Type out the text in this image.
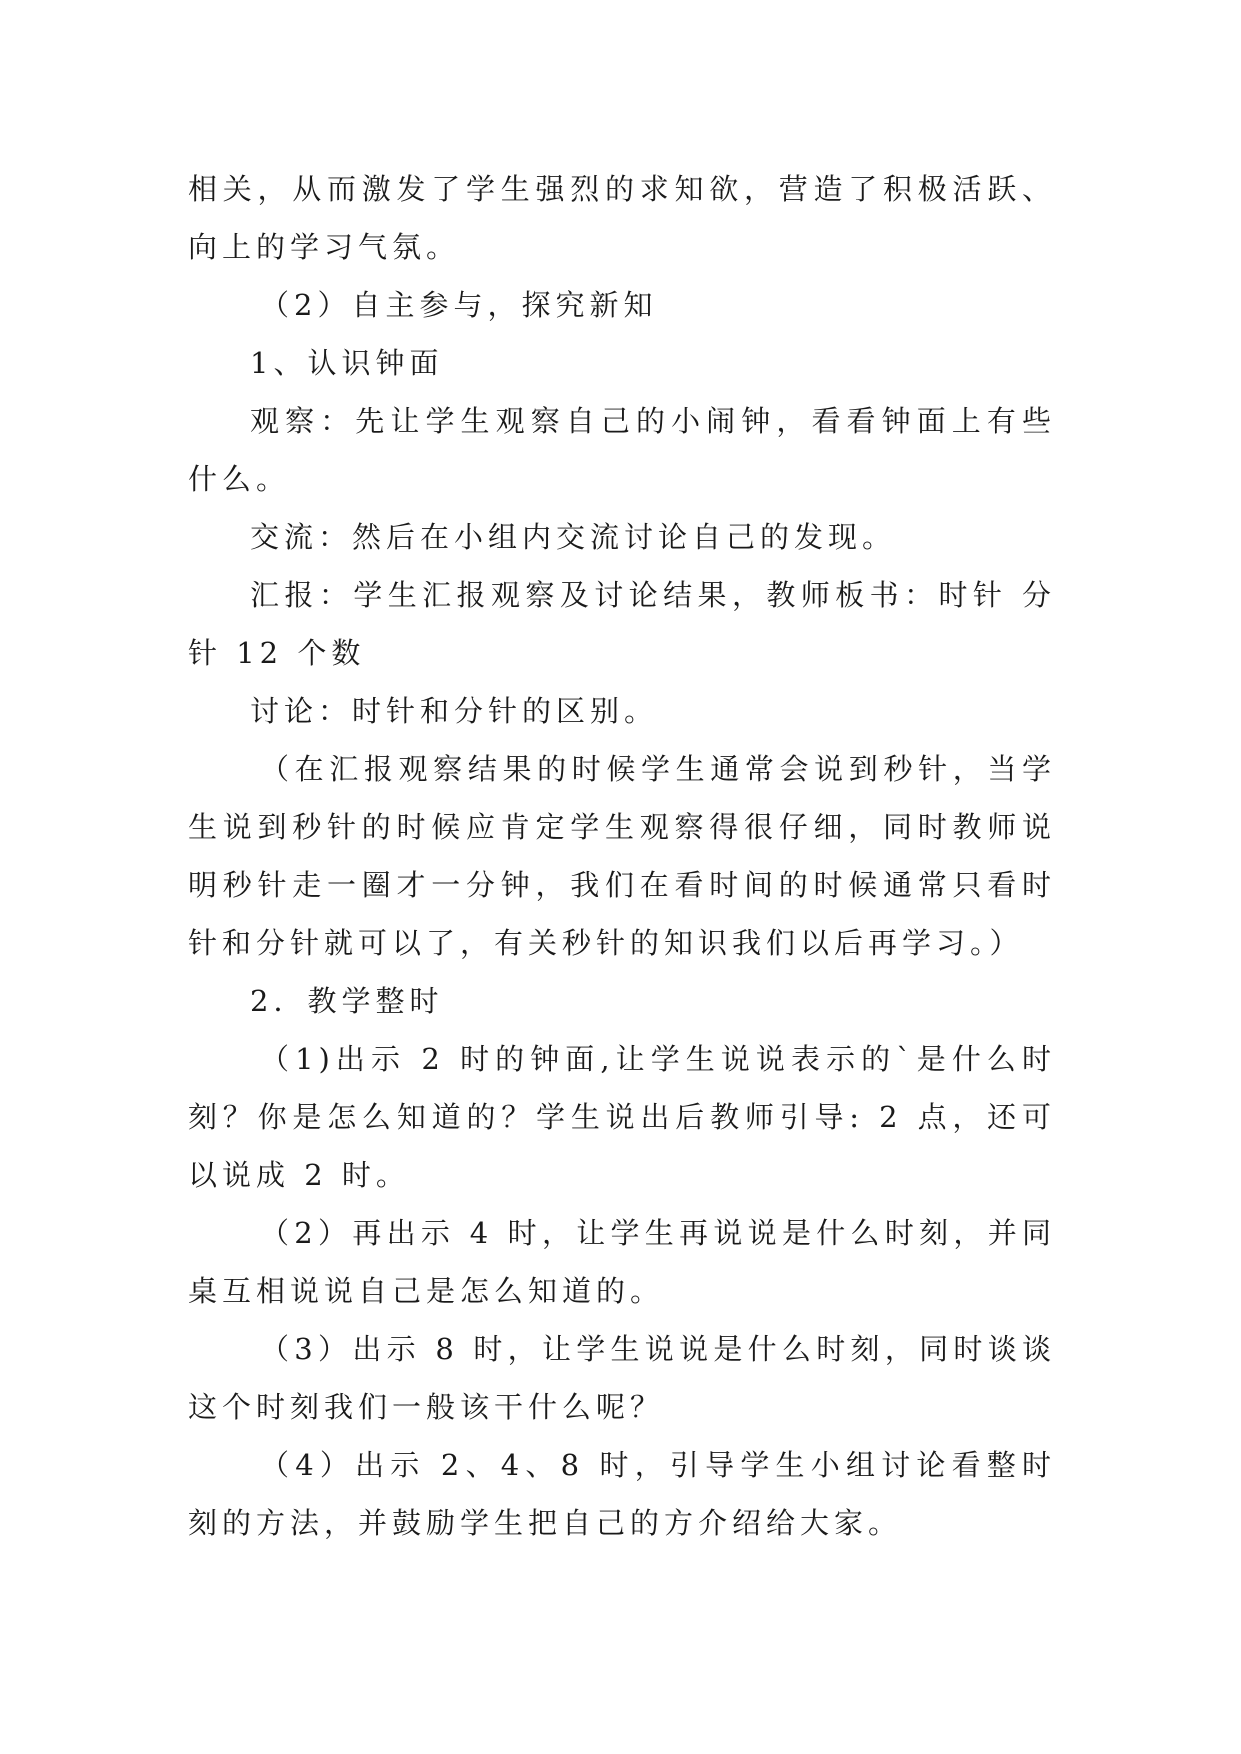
相关，从而激发了学生强烈的求知欲，营造了积极活跃、向上的学习气氛。

（2）自主参与，探究新知

1、认识钟面

观察：先让学生观察自己的小闹钟，看看钟面上有些什么。

交流：然后在小组内交流讨论自己的发现。

汇报：学生汇报观察及讨论结果，教师板书：时针 分针 12 个数

讨论：时针和分针的区别。

（在汇报观察结果的时候学生通常会说到秒针，当学生说到秒针的时候应肯定学生观察得很仔细，同时教师说明秒针走一圈才一分钟，我们在看时间的时候通常只看时针和分针就可以了，有关秒针的知识我们以后再学习。）

2．教学整时

（1)出示 2 时的钟面,让学生说说表示的`是什么时刻？你是怎么知道的？学生说出后教师引导: 2 点，还可以说成 2 时。

（2）再出示 4 时，让学生再说说是什么时刻，并同桌互相说说自己是怎么知道的。

（3）出示 8 时，让学生说说是什么时刻，同时谈谈这个时刻我们一般该干什么呢？

（4）出示 2、4、8 时，引导学生小组讨论看整时刻的方法，并鼓励学生把自己的方介绍给大家。
